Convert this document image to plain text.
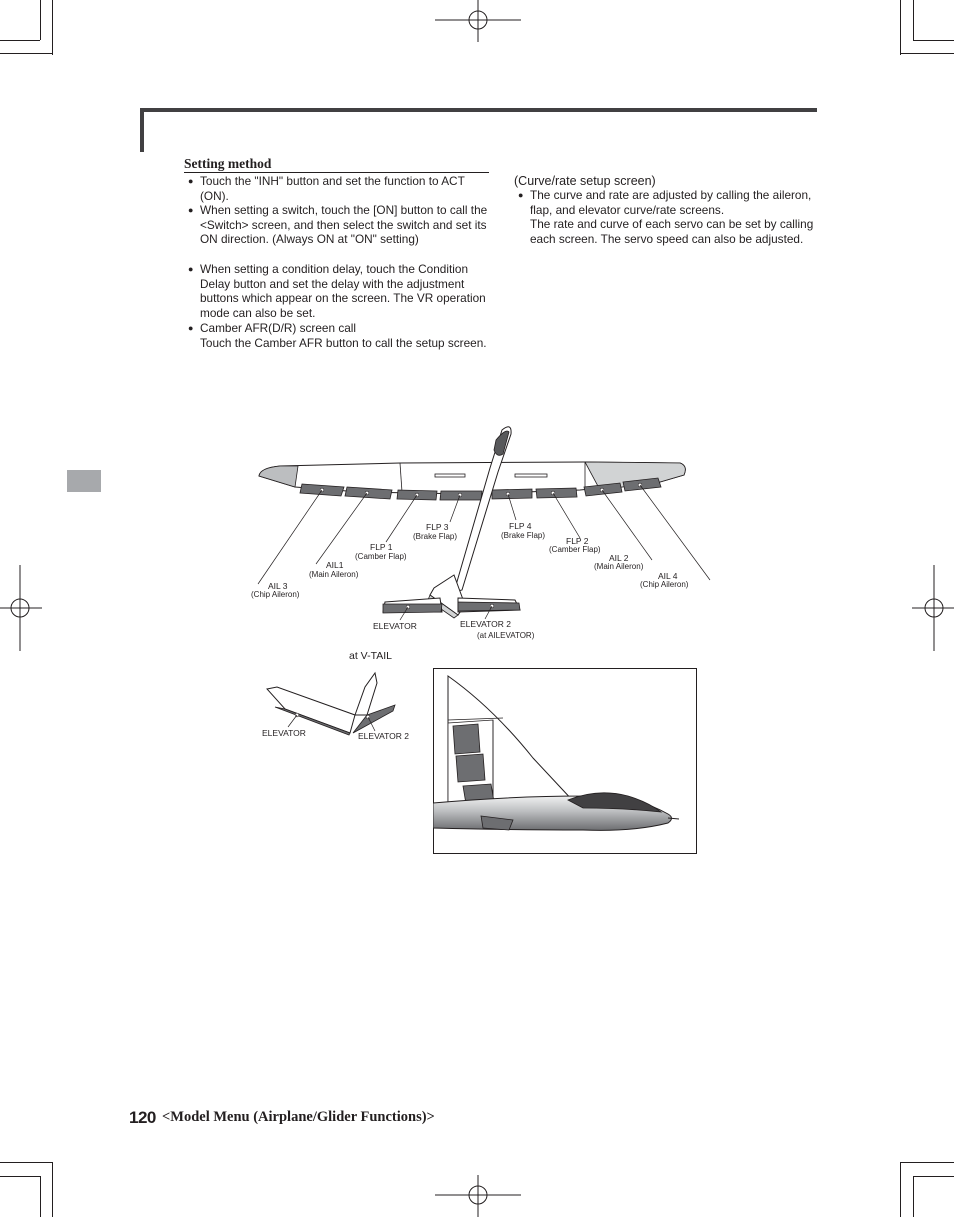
Setting method
● Touch the "INH" button and set the function to ACT (ON).
● When setting a switch, touch the [ON] button to call the <Switch> screen, and then select the switch and set its ON direction. (Always ON at "ON" setting)
● When setting a condition delay, touch the Condition Delay button and set the delay with the adjustment buttons which appear on the screen. The VR operation mode can also be set.
● Camber AFR(D/R) screen call
Touch the Camber AFR button to call the setup screen.
(Curve/rate setup screen)
● The curve and rate are adjusted by calling the aileron, flap, and elevator curve/rate screens.
The rate and curve of each servo can be set by calling each screen. The servo speed can also be adjusted.
AIL 3
(Chip Aileron)
AIL1
(Main Aileron)
FLP 1
(Camber Flap)
FLP 3
(Brake Flap)
FLP 4
(Brake Flap)
FLP 2
(Camber Flap)
AIL 2
(Main Aileron)
AIL 4
(Chip Aileron)
ELEVATOR	ELEVATOR 2
(at AILEVATOR)
at V-TAIL
ELEVATOR	ELEVATOR 2
120 <Model Menu (Airplane/Glider Functions)>
